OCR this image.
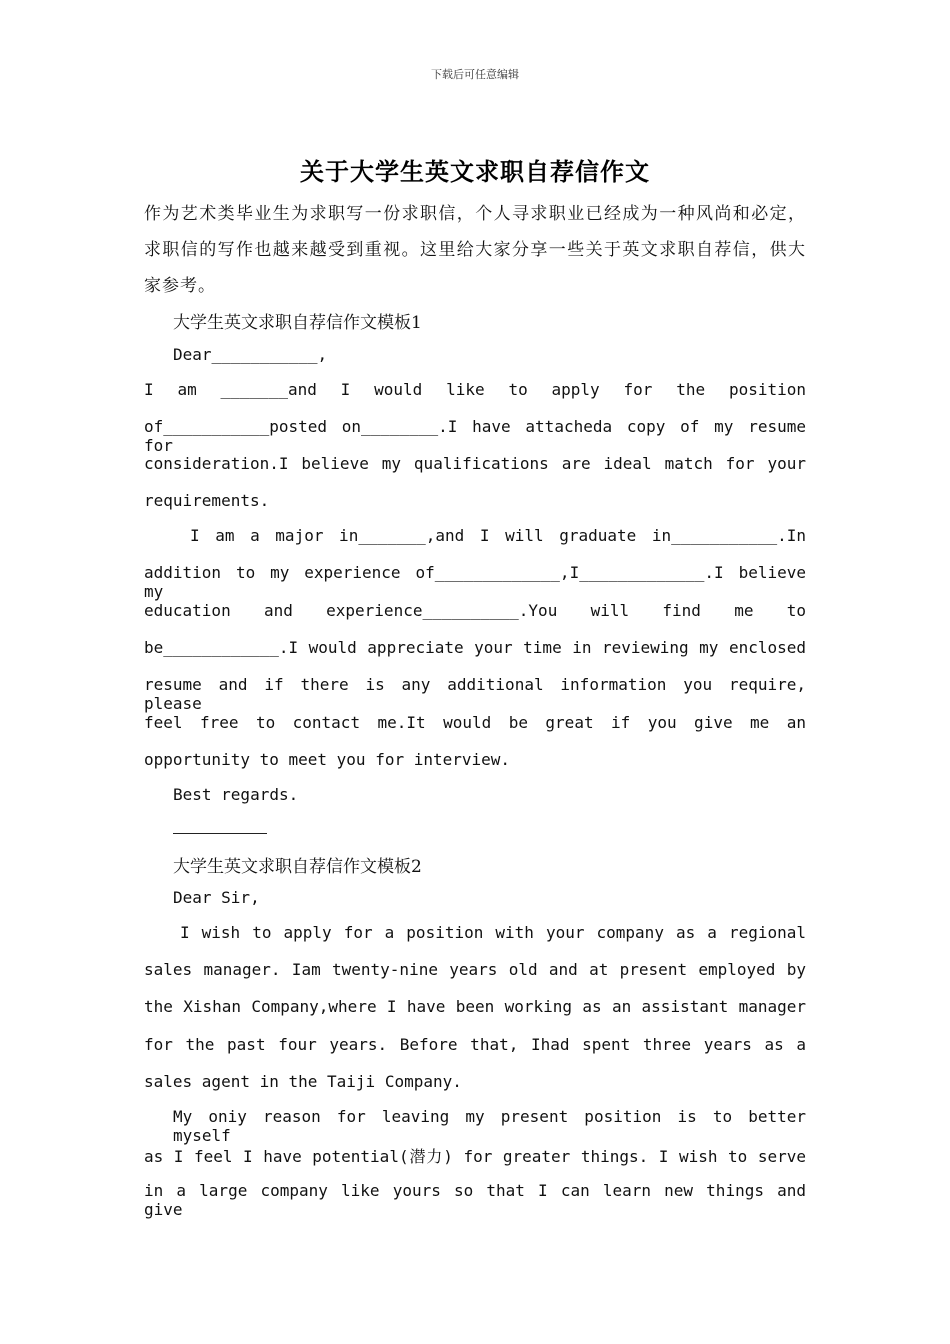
下载后可任意编辑
关于大学生英文求职自荐信作文
作为艺术类毕业生为求职写一份求职信，个人寻求职业已经成为一种风尚和必定，求职信的写作也越来越受到重视。这里给大家分享一些关于英文求职自荐信，供大家参考。
大学生英文求职自荐信作文模板1
Dear___________,
I am _______and I would like to apply for the position
of___________posted on________.I have attacheda copy of my resume for
consideration.I believe my qualifications are ideal match for your
requirements.
I am a major in_______,and I will graduate in___________.In
addition to my experience of_____________,I_____________.I believe my
education and experience__________.You will find me to
be____________.I would appreciate your time in reviewing my enclosed
resume and if there is any additional information you require, please
feel free to contact me.It would be great if you give me an
opportunity to meet you for interview.
Best regards.
大学生英文求职自荐信作文模板2
Dear Sir,
I wish to apply for a position with your company as a regional
sales manager. Iam twenty-nine years old and at present employed by
the Xishan Company,where I have been working as an assistant manager
for the past four years. Before that, Ihad spent three years as a
sales agent in the Taiji Company.
My oniy reason for leaving my present position is to better myself
as I feel I have potential(潜力) for greater things. I wish to serve
in a large company like yours so that I can learn new things and give
